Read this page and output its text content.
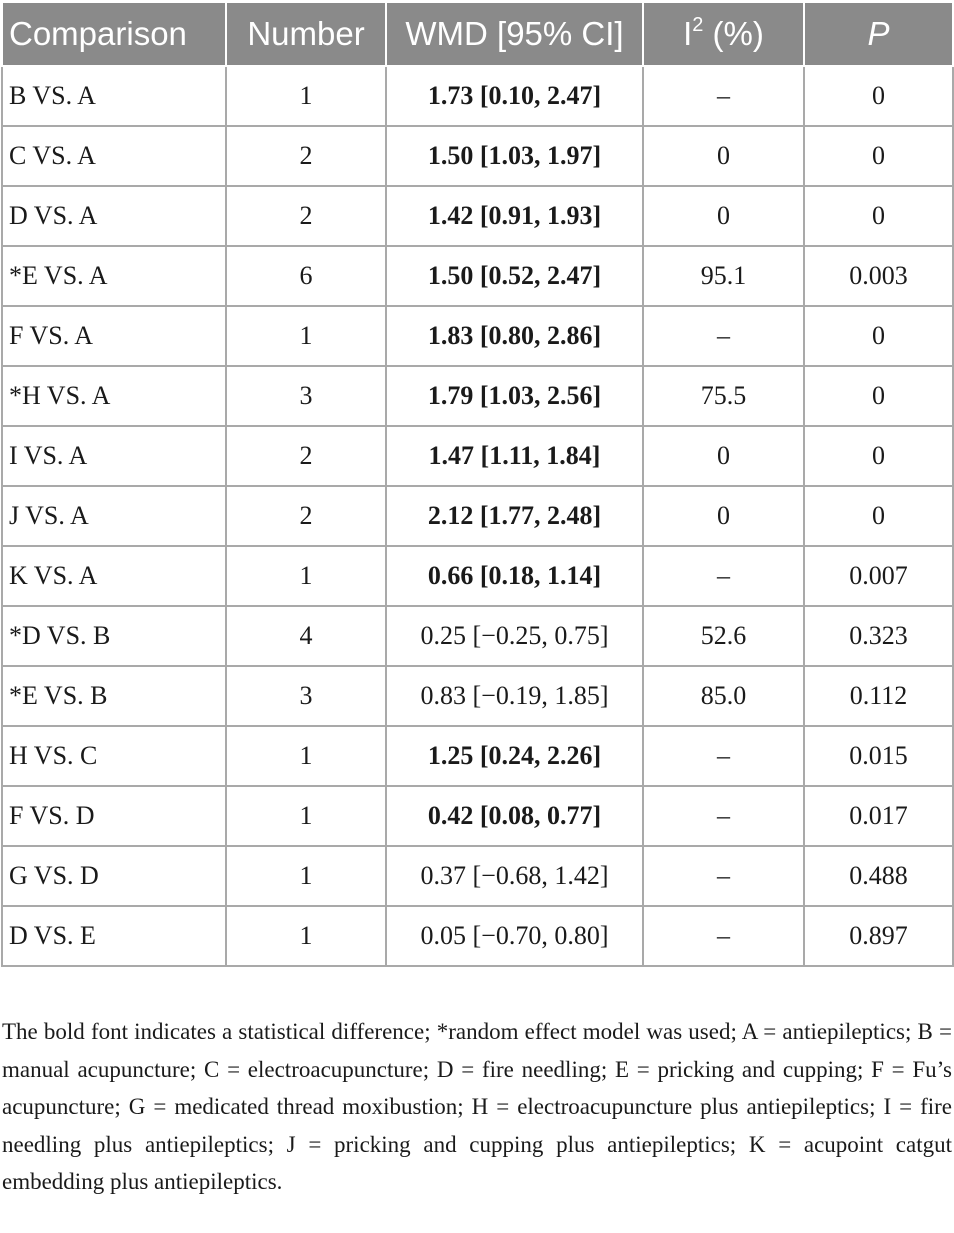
Comparison	Number	WMD [95% CI]	$I^2$ (%)	P
B VS. A	1	1.73 [0.10, 2.47]	–	0
C VS. A	2	1.50 [1.03, 1.97]	0	0
D VS. A	2	1.42 [0.91, 1.93]	0	0
*E VS. A	6	1.50 [0.52, 2.47]	95.1	0.003
F VS. A	1	1.83 [0.80, 2.86]	–	0
*H VS. A	3	1.79 [1.03, 2.56]	75.5	0
I VS. A	2	1.47 [1.11, 1.84]	0	0
J VS. A	2	2.12 [1.77, 2.48]	0	0
K VS. A	1	0.66 [0.18, 1.14]	–	0.007
*D VS. B	4	0.25 [−0.25, 0.75]	52.6	0.323
*E VS. B	3	0.83 [−0.19, 1.85]	85.0	0.112
H VS. C	1	1.25 [0.24, 2.26]	–	0.015
F VS. D	1	0.42 [0.08, 0.77]	–	0.017
G VS. D	1	0.37 [−0.68, 1.42]	–	0.488
D VS. E	1	0.05 [−0.70, 0.80]	–	0.897
The bold font indicates a statistical difference; *random effect model was used; A = antiepileptics; B = manual acupuncture; C = electroacupuncture; D = fire needling; E = pricking and cupping; F = Fu’s acupuncture; G = medicated thread moxibustion; H = electroacupuncture plus antiepileptics; I = fire needling plus antiepileptics; J = pricking and cupping plus antiepileptics; K = acupoint catgut embedding plus antiepileptics.
